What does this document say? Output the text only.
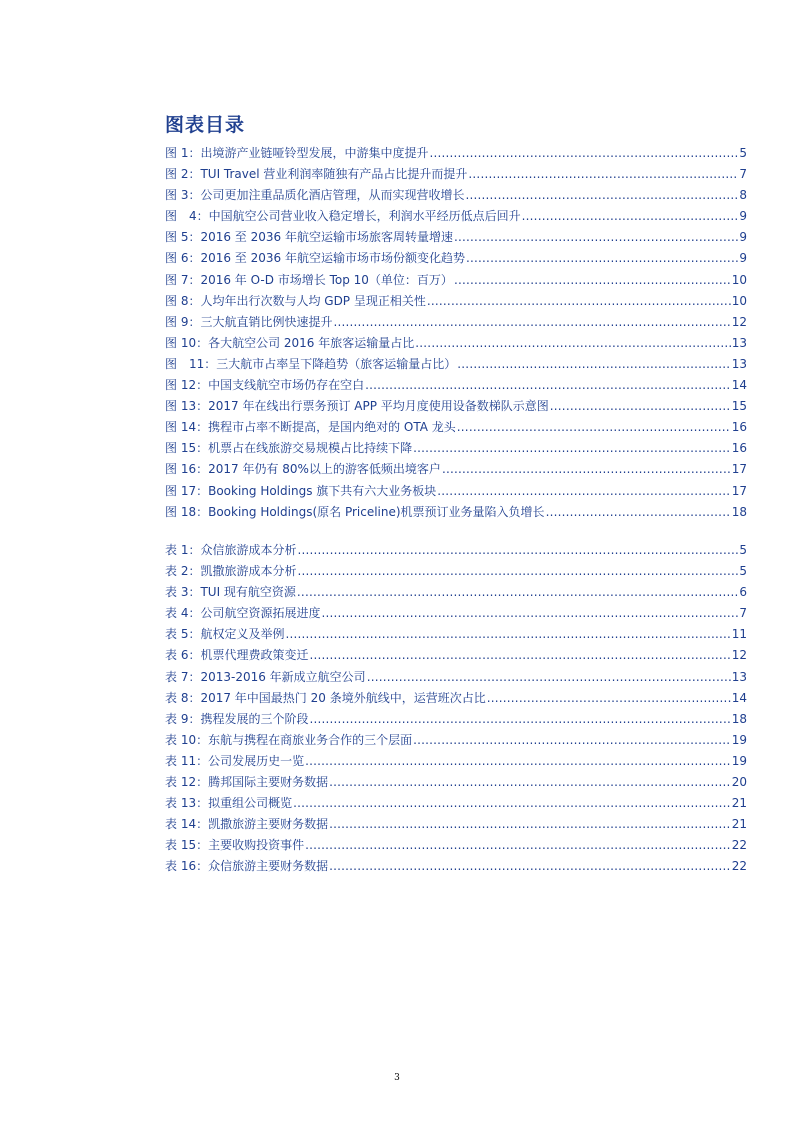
图表目录
图 1：出境游产业链哑铃型发展，中游集中度提升 .....	5
图 2：TUI Travel 营业利润率随独有产品占比提升而提升 .....	7
图 3：公司更加注重品质化酒店管理，从而实现营收增长 .....	8
图　4：中国航空公司营业收入稳定增长，利润水平经历低点后回升 .....	9
图 5：2016 至 2036 年航空运输市场旅客周转量增速 .....	9
图 6：2016 至 2036 年航空运输市场市场份额变化趋势 .....	9
图 7：2016 年 O-D 市场增长 Top 10（单位：百万） .....	10
图 8：人均年出行次数与人均 GDP 呈现正相关性 .....	10
图 9：三大航直销比例快速提升 .....	12
图 10：各大航空公司 2016 年旅客运输量占比 .....	13
图　11：三大航市占率呈下降趋势（旅客运输量占比） .....	13
图 12：中国支线航空市场仍存在空白 .....	14
图 13：2017 年在线出行票务预订 APP 平均月度使用设备数梯队示意图 .....	15
图 14：携程市占率不断提高，是国内绝对的 OTA 龙头 .....	16
图 15：机票占在线旅游交易规模占比持续下降 .....	16
图 16：2017 年仍有 80%以上的游客低频出境客户 .....	17
图 17：Booking Holdings 旗下共有六大业务板块 .....	17
图 18：Booking Holdings(原名 Priceline)机票预订业务量陷入负增长 .....	18
表 1：众信旅游成本分析 .....	5
表 2：凯撒旅游成本分析 .....	5
表 3：TUI 现有航空资源 .....	6
表 4：公司航空资源拓展进度 .....	7
表 5：航权定义及举例 .....	11
表 6：机票代理费政策变迁 .....	12
表 7：2013-2016 年新成立航空公司 .....	13
表 8：2017 年中国最热门 20 条境外航线中，运营班次占比 .....	14
表 9：携程发展的三个阶段 .....	18
表 10：东航与携程在商旅业务合作的三个层面 .....	19
表 11：公司发展历史一览 .....	19
表 12：腾邦国际主要财务数据 .....	20
表 13：拟重组公司概览 .....	21
表 14：凯撒旅游主要财务数据 .....	21
表 15：主要收购投资事件 .....	22
表 16：众信旅游主要财务数据 .....	22
3
